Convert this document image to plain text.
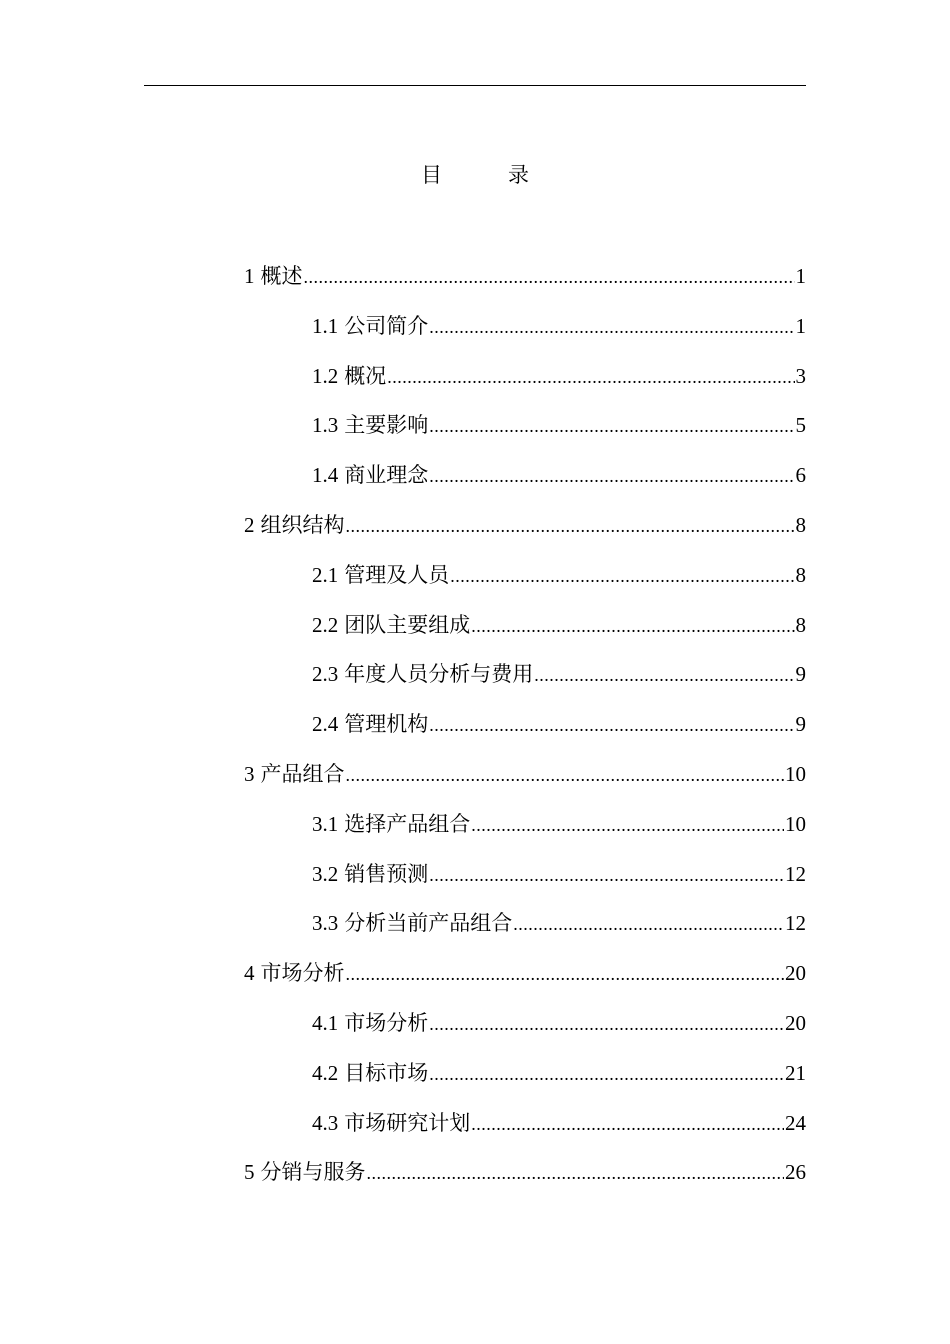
目	录
1 概述 .....	1
1.1 公司简介 .....	1
1.2 概况 .....	3
1.3 主要影响 .....	5
1.4 商业理念 .....	6
2 组织结构 .....	8
2.1 管理及人员 .....	8
2.2 团队主要组成 .....	8
2.3 年度人员分析与费用 .....	9
2.4 管理机构 .....	9
3 产品组合 .....	10
3.1 选择产品组合 .....	10
3.2 销售预测 .....	12
3.3 分析当前产品组合 .....	12
4 市场分析 .....	20
4.1 市场分析 .....	20
4.2 目标市场 .....	21
4.3 市场研究计划 .....	24
5 分销与服务 .....	26
